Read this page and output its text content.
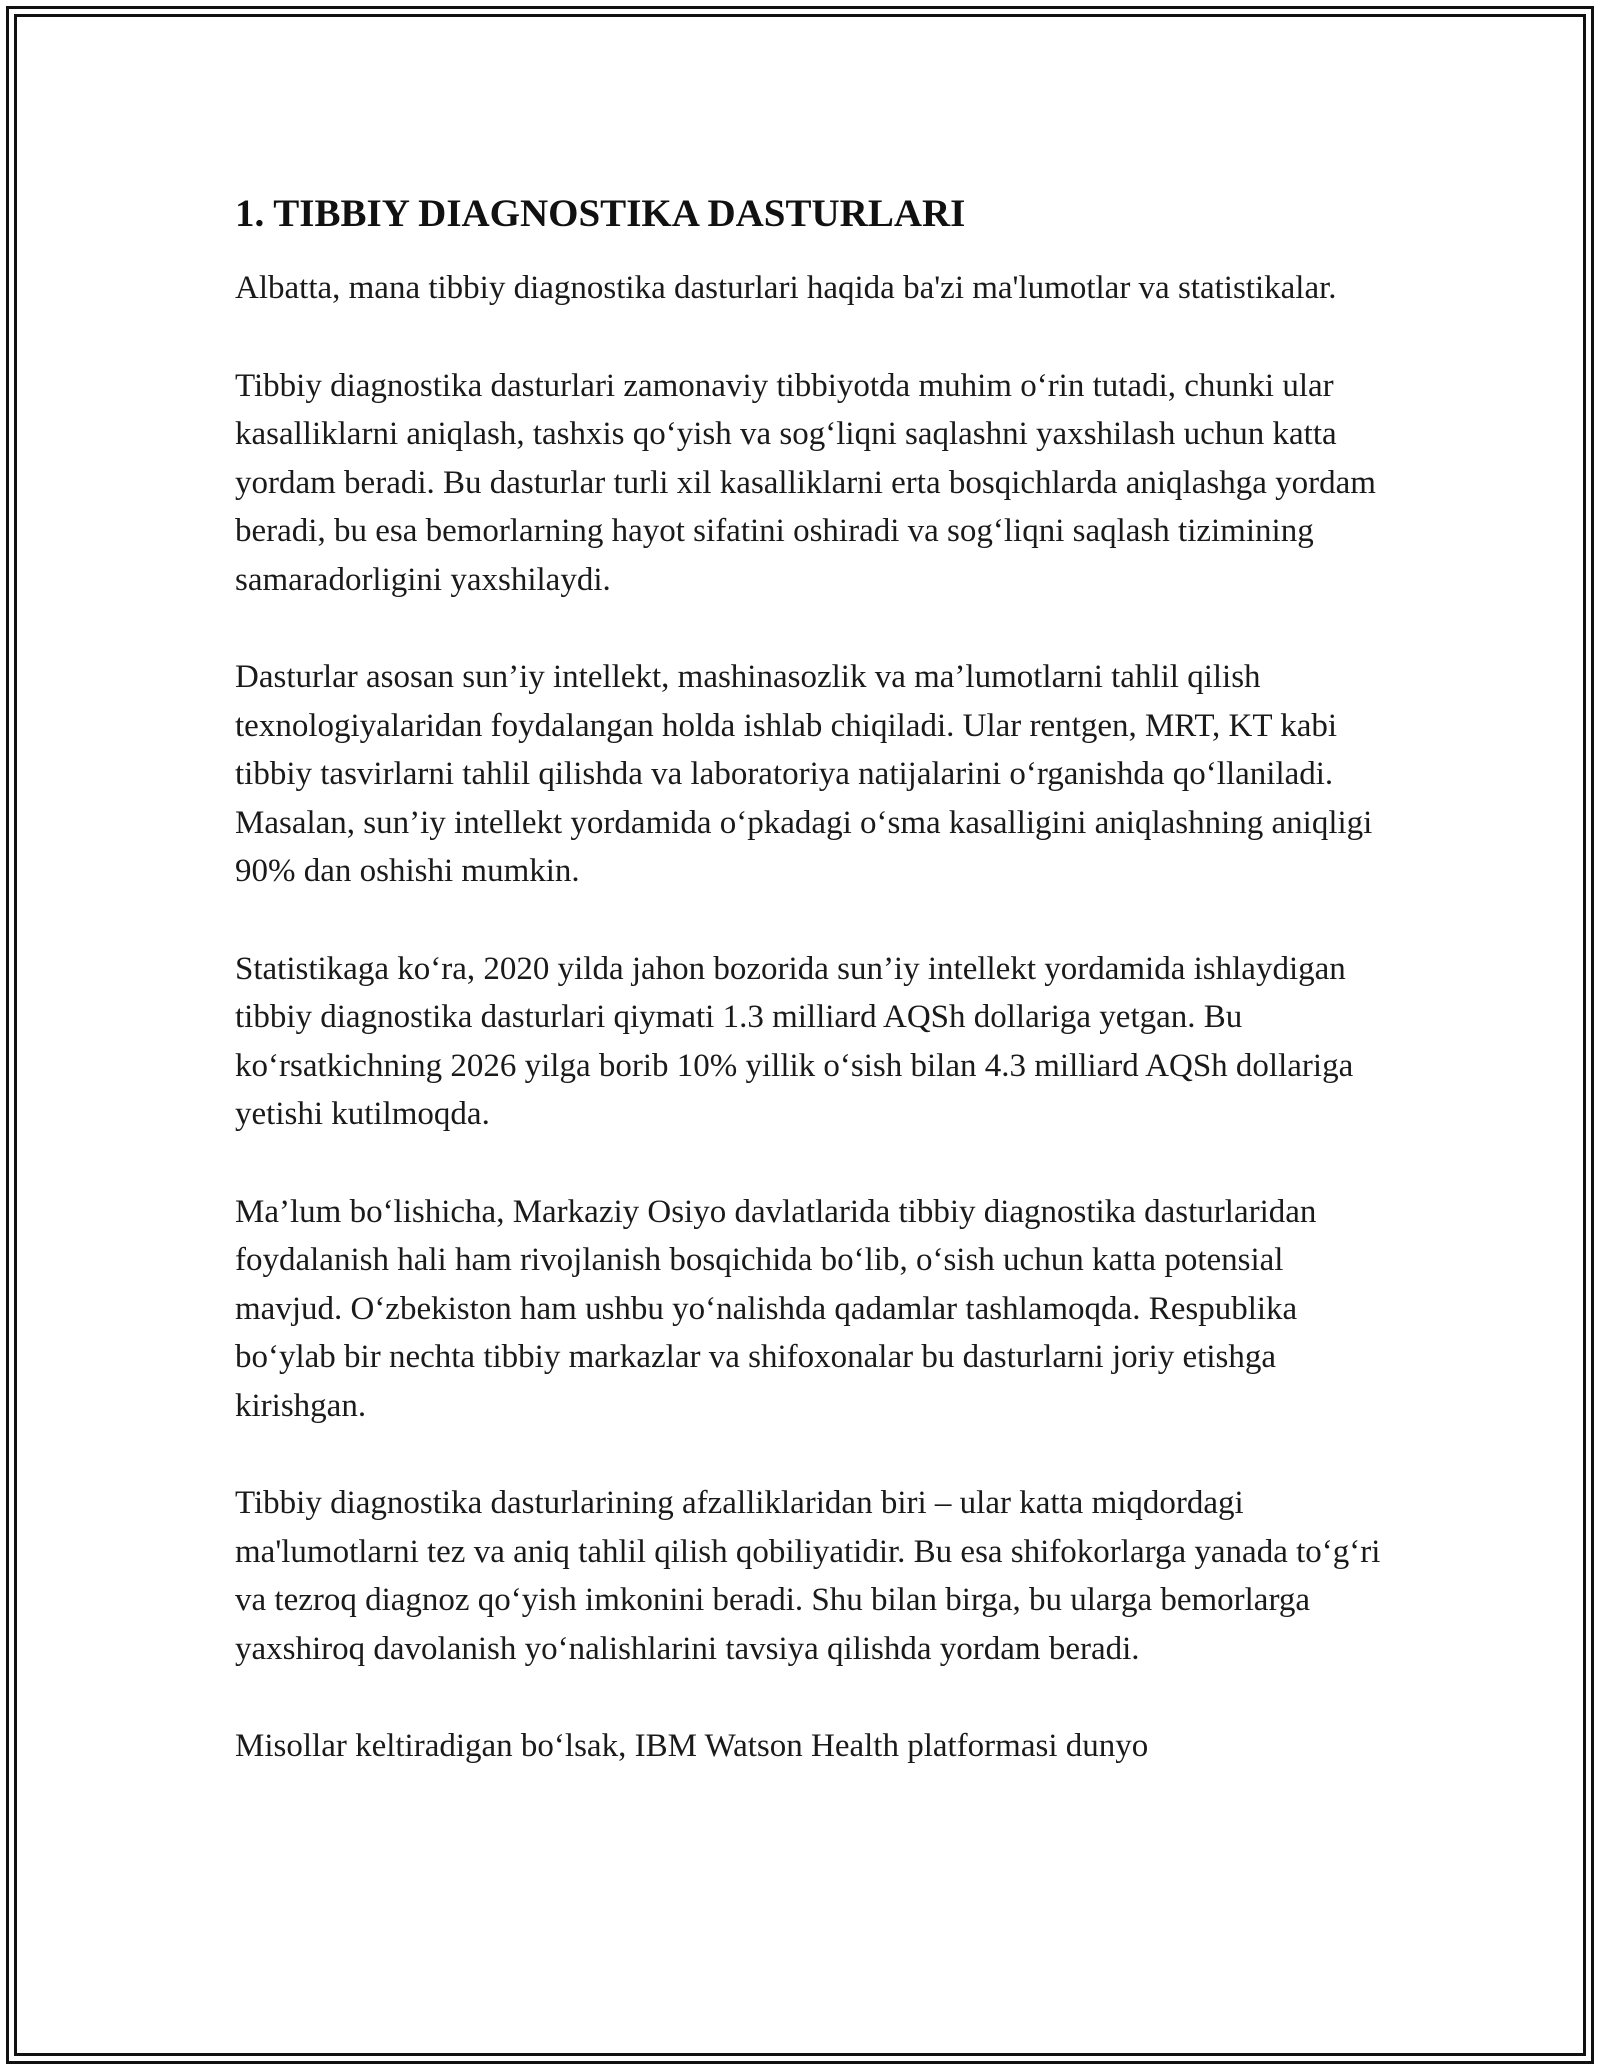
1. TIBBIY DIAGNOSTIKA DASTURLARI

Albatta, mana tibbiy diagnostika dasturlari haqida ba'zi ma'lumotlar va statistikalar.

Tibbiy diagnostika dasturlari zamonaviy tibbiyotda muhim o‘rin tutadi, chunki ular kasalliklarni aniqlash, tashxis qo‘yish va sog‘liqni saqlashni yaxshilash uchun katta yordam beradi. Bu dasturlar turli xil kasalliklarni erta bosqichlarda aniqlashga yordam beradi, bu esa bemorlarning hayot sifatini oshiradi va sog‘liqni saqlash tizimining samaradorligini yaxshilaydi.

Dasturlar asosan sun’iy intellekt, mashinasozlik va ma’lumotlarni tahlil qilish texnologiyalaridan foydalangan holda ishlab chiqiladi. Ular rentgen, MRT, KT kabi tibbiy tasvirlarni tahlil qilishda va laboratoriya natijalarini o‘rganishda qo‘llaniladi. Masalan, sun’iy intellekt yordamida o‘pkadagi o‘sma kasalligini aniqlashning aniqligi 90% dan oshishi mumkin.

Statistikaga ko‘ra, 2020 yilda jahon bozorida sun’iy intellekt yordamida ishlaydigan tibbiy diagnostika dasturlari qiymati 1.3 milliard AQSh dollariga yetgan. Bu ko‘rsatkichning 2026 yilga borib 10% yillik o‘sish bilan 4.3 milliard AQSh dollariga yetishi kutilmoqda.

Ma’lum bo‘lishicha, Markaziy Osiyo davlatlarida tibbiy diagnostika dasturlaridan foydalanish hali ham rivojlanish bosqichida bo‘lib, o‘sish uchun katta potensial mavjud. O‘zbekiston ham ushbu yo‘nalishda qadamlar tashlamoqda. Respublika bo‘ylab bir nechta tibbiy markazlar va shifoxonalar bu dasturlarni joriy etishga kirishgan.

Tibbiy diagnostika dasturlarining afzalliklaridan biri – ular katta miqdordagi ma'lumotlarni tez va aniq tahlil qilish qobiliyatidir. Bu esa shifokorlarga yanada to‘g‘ri va tezroq diagnoz qo‘yish imkonini beradi. Shu bilan birga, bu ularga bemorlarga yaxshiroq davolanish yo‘nalishlarini tavsiya qilishda yordam beradi.

Misollar keltiradigan bo‘lsak, IBM Watson Health platformasi dunyo
